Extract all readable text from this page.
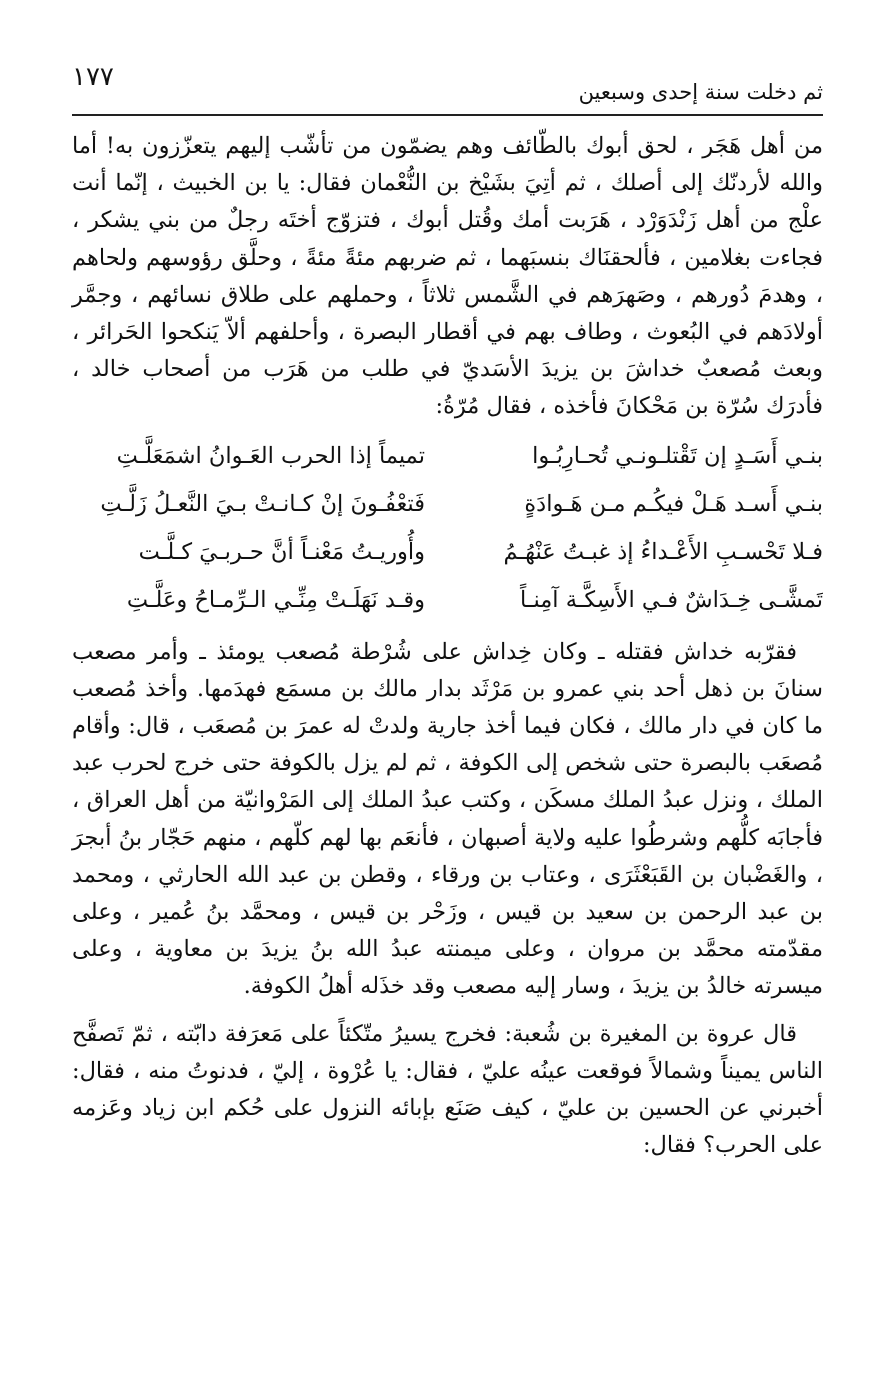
١٧٧	ثم دخلت سنة إحدى وسبعين

من أهل هَجَر ، لحق أبوك بالطّائف وهم يضمّون من تأشّب إليهم يتعزّزون به! أما والله لأردنّك إلى أصلك ، ثم أتِيَ بشَيْخ بن النُّعْمان فقال: يا بن الخبيث ، إنّما أنت علْج من أهل زَنْدَوَرْد ، هَرَبت أمك وقُتل أبوك ، فتزوّج أختَه رجلٌ من بني يشكر ، فجاءت بغلامين ، فألحقنَاك بنسبَهما ، ثم ضربهم مئةً مئةً ، وحلَّق رؤوسهم ولحاهم ، وهدمَ دُورهم ، وصَهرَهم في الشَّمس ثلاثاً ، وحملهم على طلاق نسائهم ، وجمَّر أولادَهم في البُعوث ، وطاف بهم في أقطار البصرة ، وأحلفهم ألاّ يَنكحوا الحَرائر ، وبعث مُصعبٌ خداشَ بن يزيدَ الأسَديّ في طلب من هَرَب من أصحاب خالد ، فأدرَك سُرّة بن مَحْكانَ فأخذه ، فقال مُرّةُ:

بنـي أَسَـدٍ إن تَقْتلـونـي تُحـارِبُـوا
تميماً إذا الحرب العَـوانُ اشمَعَلَّـتِ
بنـي أَسـد هَـلْ فيكُـم مـن هَـوادَةٍ
فَتعْفُـونَ إنْ كـانـتْ بـيَ النَّعـلُ زَلَّـتِ
فـلا تَحْسـبِ الأَعْـداءُ إذ غبـتُ عَنْهُـمُ
وأُوريـتُ مَعْنـاً أنَّ حـربـيَ كـلَّـت
تَمشَّـى خِـدَاشٌ فـي الأَسِكَّـة آمِنـاً
وقـد نَهَلَـتْ مِنِّـي الـرِّمـاحُ وعَلَّـتِ

فقرّبه خداش فقتله ـ وكان خِداش على شُرْطة مُصعب يومئذ ـ وأمر مصعب سنانَ بن ذهل أحد بني عمرو بن مَرْثَد بدار مالك بن مسمَع فهدَمها. وأخذ مُصعب ما كان في دار مالك ، فكان فيما أخذ جارية ولدتْ له عمرَ بن مُصعَب ، قال: وأقام مُصعَب بالبصرة حتى شخص إلى الكوفة ، ثم لم يزل بالكوفة حتى خرج لحرب عبد الملك ، ونزل عبدُ الملك مسكَن ، وكتب عبدُ الملك إلى المَرْوانيّة من أهل العراق ، فأجابَه كلُّهم وشرطُوا عليه ولاية أصبهان ، فأنعَم بها لهم كلّهم ، منهم حَجّار بنُ أبجرَ ، والغَضْبان بن القَبَعْثَرَى ، وعتاب بن ورقاء ، وقطن بن عبد الله الحارثي ، ومحمد بن عبد الرحمن بن سعيد بن قيس ، وزَحْر بن قيس ، ومحمَّد بنُ عُمير ، وعلى مقدّمته محمَّد بن مروان ، وعلى ميمنته عبدُ الله بنُ يزيدَ بن معاوية ، وعلى ميسرته خالدُ بن يزيدَ ، وسار إليه مصعب وقد خذَله أهلُ الكوفة.

قال عروة بن المغيرة بن شُعبة: فخرج يسيرُ متّكئاً على مَعرَفة دابّته ، ثمّ تَصفَّح الناس يميناً وشمالاً فوقعت عينُه عليّ ، فقال: يا عُرْوة ، إليّ ، فدنوتُ منه ، فقال: أخبرني عن الحسين بن عليّ ، كيف صَنَع بإبائه النزول على حُكم ابن زياد وعَزمه على الحرب؟ فقال:
